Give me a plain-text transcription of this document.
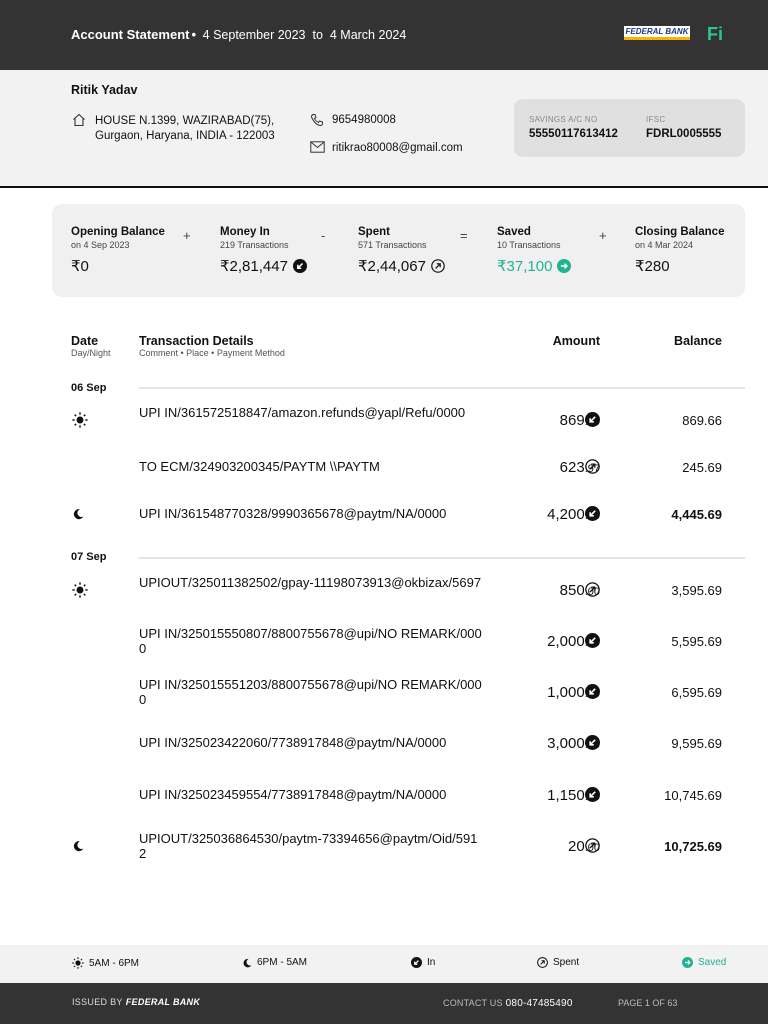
Account Statement • 4 September 2023 to 4 March 2024	FEDERAL BANK Fi
Ritik Yadav
HOUSE N.1399, WAZIRABAD(75),
Gurgaon, Haryana, INDIA - 122003
9654980008
ritikrao80008@gmail.com
SAVINGS A/C NO
55550117613412
IFSC
FDRL0005555
Opening Balance
on 4 Sep 2023
₹0
+	Money In
219 Transactions
₹2,81,447
-	Spent
571 Transactions
₹2,44,067
=	Saved
10 Transactions
₹37,100
+ Closing Balance
on 4 Mar 2024
₹280
Date
Day/Night
Transaction Details
Comment • Place • Payment Method
Amount	Balance
06 Sep
07 Sep
UPI IN/361572518847/amazon.refunds@yapl/Refu/0000	869	869.66
TO ECM/324903200345/PAYTM \\PAYTM	623.97	245.69
UPI IN/361548770328/9990365678@paytm/NA/0000	4,200	4,445.69
UPIOUT/325011382502/gpay-11198073913@okbizax/5697	850.00	3,595.69
UPI IN/325015550807/8800755678@upi/NO REMARK/0000	2,000	5,595.69
UPI IN/325015551203/8800755678@upi/NO REMARK/0000	1,000	6,595.69
UPI IN/325023422060/7738917848@paytm/NA/0000	3,000	9,595.69
UPI IN/325023459554/7738917848@paytm/NA/0000	1,150	10,745.69
UPIOUT/325036864530/paytm-73394656@paytm/Oid/5912	20.00	10,725.69
5AM - 6PM	6PM - 5AM	In	Spent	Saved
ISSUED BY FEDERAL BANK	CONTACT US 080-47485490	PAGE 1 OF 63
